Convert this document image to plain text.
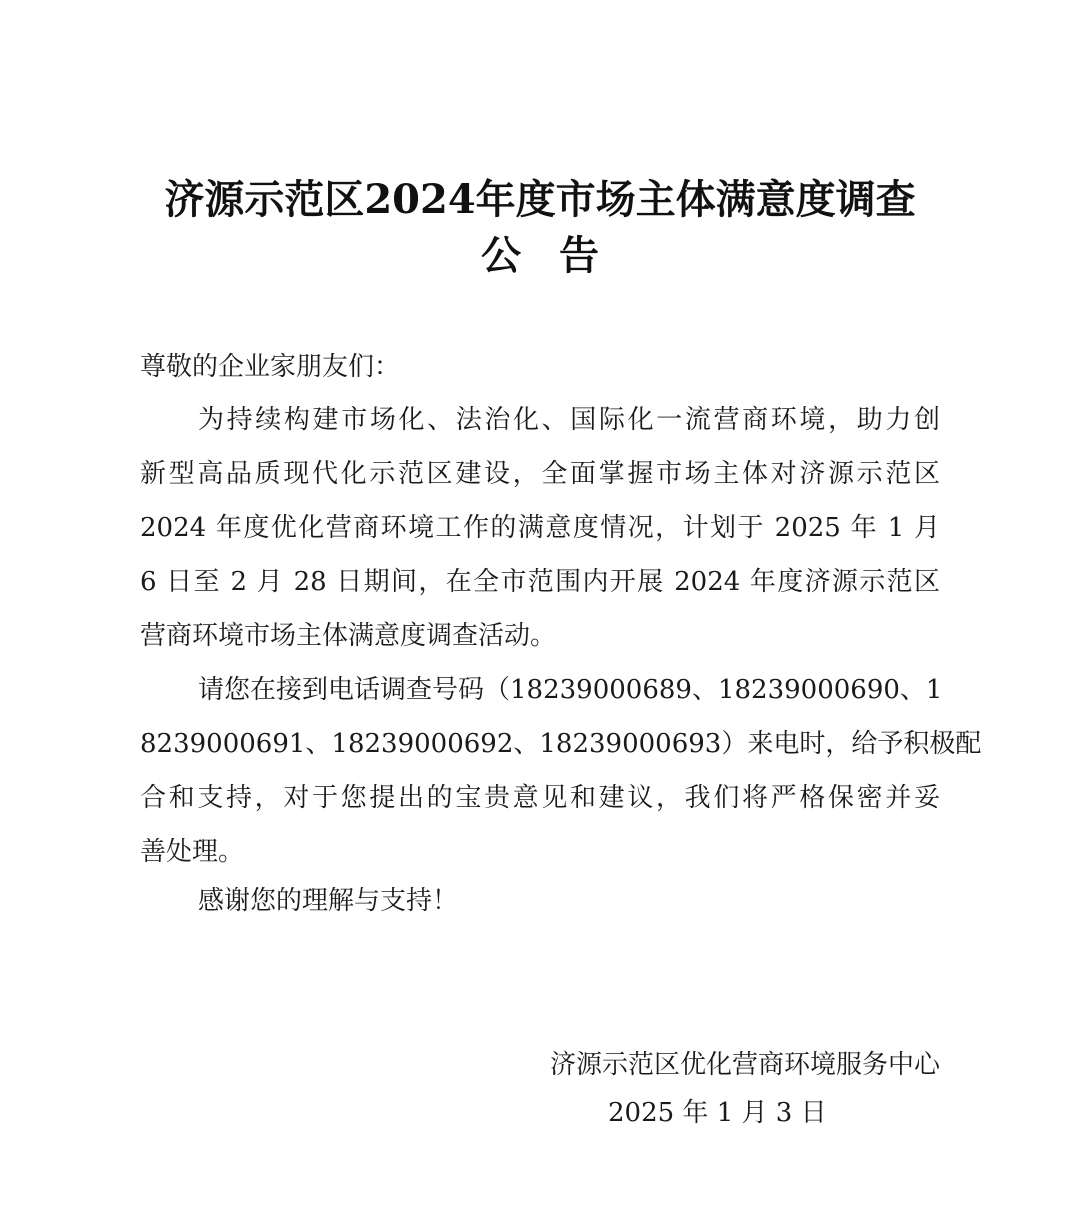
济源示范区2024年度市场主体满意度调查
公告
尊敬的企业家朋友们：
为持续构建市场化、法治化、国际化一流营商环境，助力创
新型高品质现代化示范区建设，全面掌握市场主体对济源示范区
2024 年度优化营商环境工作的满意度情况，计划于 2025 年 1 月
6 日至 2 月 28 日期间，在全市范围内开展 2024 年度济源示范区
营商环境市场主体满意度调查活动。
请您在接到电话调查号码（18239000689、18239000690、1
8239000691、18239000692、18239000693）来电时，给予积极配
合和支持，对于您提出的宝贵意见和建议，我们将严格保密并妥
善处理。
感谢您的理解与支持！
济源示范区优化营商环境服务中心
2025 年 1 月 3 日
